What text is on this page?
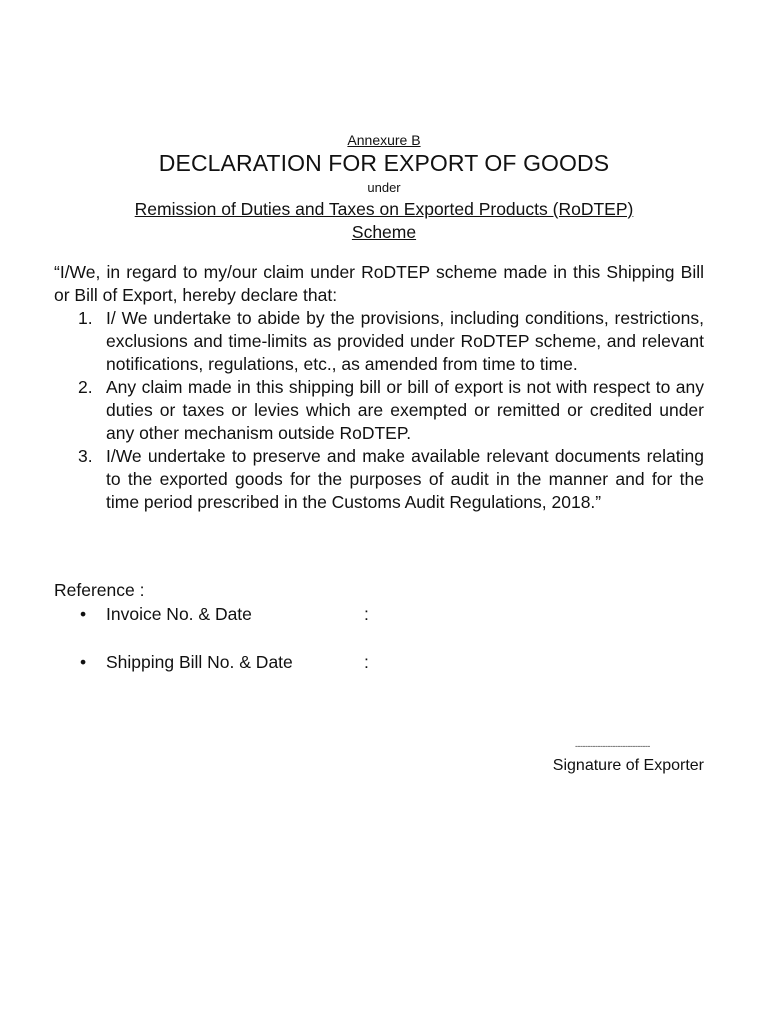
Annexure B
DECLARATION FOR EXPORT OF GOODS
under
Remission of Duties and Taxes on Exported Products (RoDTEP)
Scheme
“I/We, in regard to my/our claim under RoDTEP scheme made in this Shipping Bill or Bill of Export, hereby declare that:
1. I/ We undertake to abide by the provisions, including conditions, restrictions, exclusions and time-limits as provided under RoDTEP scheme, and relevant notifications, regulations, etc., as amended from time to time.
2. Any claim made in this shipping bill or bill of export is not with respect to any duties or taxes or levies which are exempted or remitted or credited under any other mechanism outside RoDTEP.
3. I/We undertake to preserve and make available relevant documents relating to the exported goods for the purposes of audit in the manner and for the time period prescribed in the Customs Audit Regulations, 2018.”
Reference :
• Invoice No. & Date	:
• Shipping Bill No. & Date	:
------------------------------
Signature of Exporter
